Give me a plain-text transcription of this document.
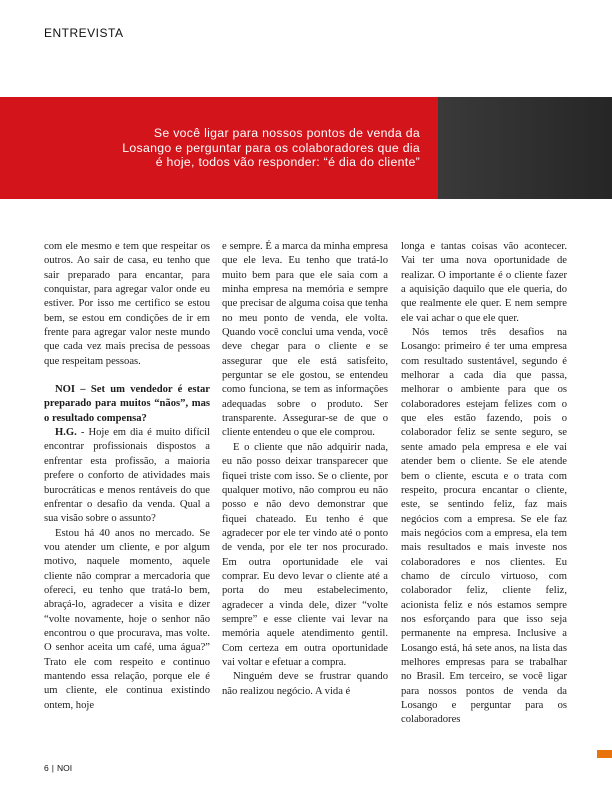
ENTREVISTA

Se você ligar para nossos pontos de venda da
Losango e perguntar para os colaboradores que dia
é hoje, todos vão responder: “é dia do cliente”

com ele mesmo e tem que respeitar os outros. Ao sair de casa, eu tenho que sair preparado para encantar, para conquistar, para agregar valor onde eu estiver. Por isso me certifico se estou bem, se estou em condições de ir em frente para agregar valor neste mundo que cada vez mais precisa de pessoas que respeitam pessoas.

NOI – Set um vendedor é estar preparado para muitos “nãos”, mas o resultado compensa?

H.G. - Hoje em dia é muito difícil encontrar profissionais dispostos a enfrentar esta profissão, a maioria prefere o conforto de atividades mais burocráticas e menos rentáveis do que enfrentar o desafio da venda. Qual a sua visão sobre o assunto?

Estou há 40 anos no mercado. Se vou atender um cliente, e por algum motivo, naquele momento, aquele cliente não comprar a mercadoria que ofereci, eu tenho que tratá-lo bem, abraçá-lo, agradecer a visita e dizer “volte novamente, hoje o senhor não encontrou o que procurava, mas volte. O senhor aceita um café, uma água?” Trato ele com respeito e continuo mantendo essa relação, porque ele é um cliente, ele continua existindo ontem, hoje

e sempre. É a marca da minha empresa que ele leva. Eu tenho que tratá-lo muito bem para que ele saia com a minha empresa na memória e sempre que precisar de alguma coisa que tenha no meu ponto de venda, ele volta. Quando você conclui uma venda, você deve chegar para o cliente e se assegurar que ele está satisfeito, perguntar se ele gostou, se entendeu como funciona, se tem as informações adequadas sobre o produto. Ser transparente. Assegurar-se de que o cliente entendeu o que ele comprou.

E o cliente que não adquirir nada, eu não posso deixar transparecer que fiquei triste com isso. Se o cliente, por qualquer motivo, não comprou eu não posso e não devo demonstrar que fiquei chateado. Eu tenho é que agradecer por ele ter vindo até o ponto de venda, por ele ter nos procurado. Em outra oportunidade ele vai comprar. Eu devo levar o cliente até a porta do meu estabelecimento, agradecer a vinda dele, dizer “volte sempre” e esse cliente vai levar na memória aquele atendimento gentil. Com certeza em outra oportunidade vai voltar e efetuar a compra.

Ninguém deve se frustrar quando não realizou negócio. A vida é

longa e tantas coisas vão acontecer. Vai ter uma nova oportunidade de realizar. O importante é o cliente fazer a aquisição daquilo que ele queria, do que realmente ele quer. E nem sempre ele vai achar o que ele quer.

Nós temos três desafios na Losango: primeiro é ter uma empresa com resultado sustentável, segundo é melhorar a cada dia que passa, melhorar o ambiente para que os colaboradores estejam felizes com o que eles estão fazendo, pois o colaborador feliz se sente seguro, se sente amado pela empresa e ele vai atender bem o cliente. Se ele atende bem o cliente, escuta e o trata com respeito, procura encantar o cliente, este, se sentindo feliz, faz mais negócios com a empresa. Se ele faz mais negócios com a empresa, ela tem mais resultados e mais investe nos colaboradores e nos clientes. Eu chamo de círculo virtuoso, com colaborador feliz, cliente feliz, acionista feliz e nós estamos sempre nos esforçando para que isso seja permanente na empresa. Inclusive a Losango está, há sete anos, na lista das melhores empresas para se trabalhar no Brasil. Em terceiro, se você ligar para nossos pontos de venda da Losango e perguntar para os colaboradores

6 | NOI
